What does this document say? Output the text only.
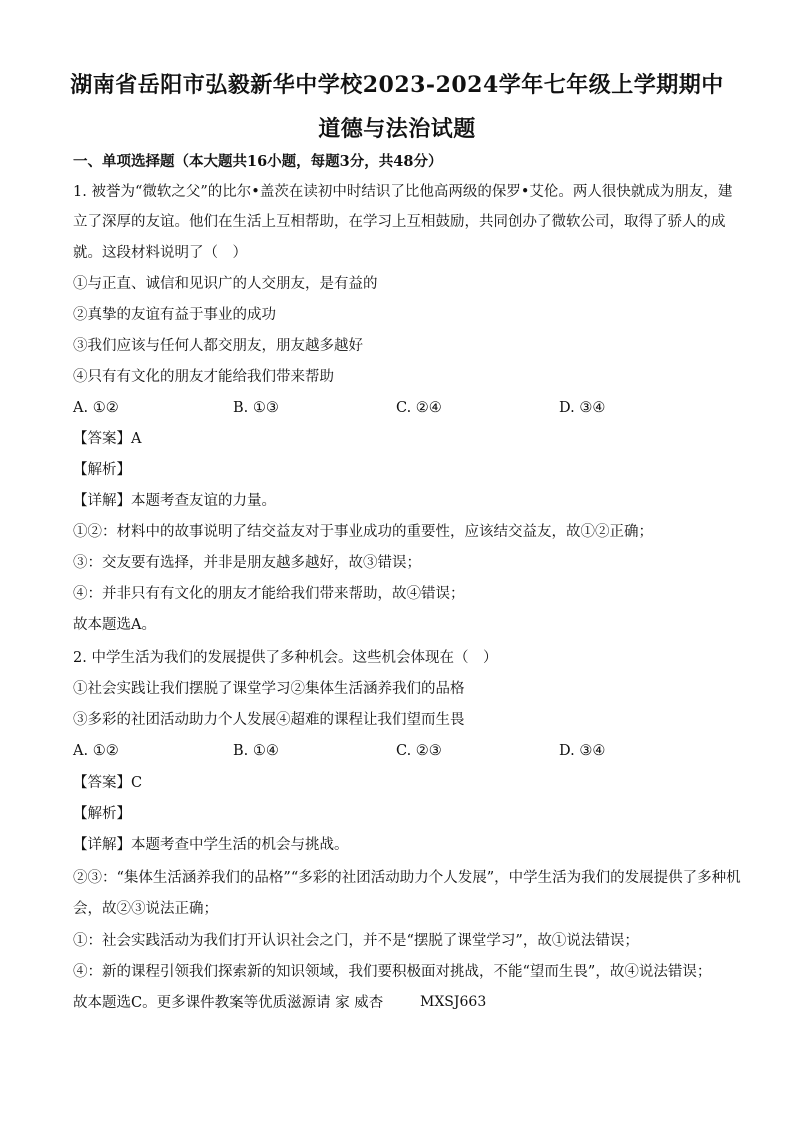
湖南省岳阳市弘毅新华中学校2023-2024学年七年级上学期期中
道德与法治试题
一、单项选择题（本大题共16小题，每题3分，共48分）
1. 被誉为“微软之父”的比尔•盖茨在读初中时结识了比他高两级的保罗•艾伦。两人很快就成为朋友，建
立了深厚的友谊。他们在生活上互相帮助，在学习上互相鼓励，共同创办了微软公司，取得了骄人的成
就。这段材料说明了（　）
①与正直、诚信和见识广的人交朋友，是有益的
②真挚的友谊有益于事业的成功
③我们应该与任何人都交朋友，朋友越多越好
④只有有文化的朋友才能给我们带来帮助
A. ①②	B. ①③	C. ②④	D. ③④
【答案】A
【解析】
【详解】本题考查友谊的力量。
①②：材料中的故事说明了结交益友对于事业成功的重要性，应该结交益友，故①②正确；
③：交友要有选择，并非是朋友越多越好，故③错误；
④：并非只有有文化的朋友才能给我们带来帮助，故④错误；
故本题选A。
2. 中学生活为我们的发展提供了多种机会。这些机会体现在（　）
①社会实践让我们摆脱了课堂学习②集体生活涵养我们的品格
③多彩的社团活动助力个人发展④超难的课程让我们望而生畏
A. ①②	B. ①④	C. ②③	D. ③④
【答案】C
【解析】
【详解】本题考查中学生活的机会与挑战。
②③：“集体生活涵养我们的品格”“多彩的社团活动助力个人发展”，中学生活为我们的发展提供了多种机
会，故②③说法正确；
①：社会实践活动为我们打开认识社会之门，并不是“摆脱了课堂学习”，故①说法错误；
④：新的课程引领我们探索新的知识领域，我们要积极面对挑战，不能“望而生畏”，故④说法错误；
故本题选C。更多课件教案等优质滋源请 家 威杏	MXSJ663
